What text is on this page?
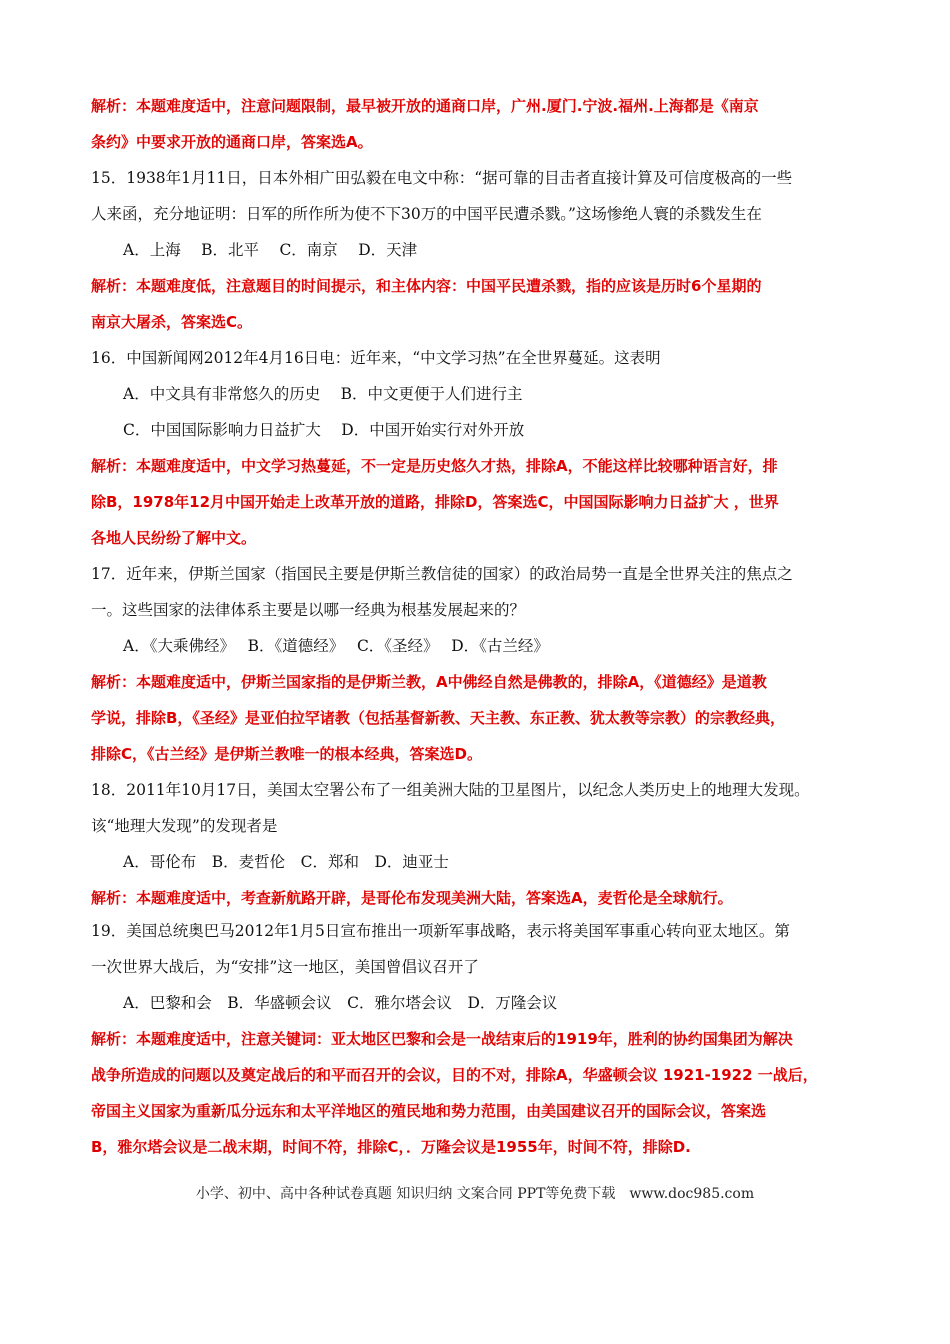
解析：本题难度适中，注意问题限制，最早被开放的通商口岸，广州.厦门.宁波.福州.上海都是《南京
条约》中要求开放的通商口岸，答案选A。
15．1938年1月11日，日本外相广田弘毅在电文中称：“据可靠的目击者直接计算及可信度极高的一些
人来函，充分地证明：日军的所作所为使不下30万的中国平民遭杀戮。”这场惨绝人寰的杀戮发生在
A．上海　 B．北平　 C．南京　 D．天津
解析：本题难度低，注意题目的时间提示，和主体内容：中国平民遭杀戮，指的应该是历时6个星期的
南京大屠杀，答案选C。
16．中国新闻网2012年4月16日电：近年来，“中文学习热”在全世界蔓延。这表明
A．中文具有非常悠久的历史　 B．中文更便于人们进行主
C．中国国际影响力日益扩大　 D．中国开始实行对外开放
解析：本题难度适中，中文学习热蔓延，不一定是历史悠久才热，排除A，不能这样比较哪种语言好，排
除B，1978年12月中国开始走上改革开放的道路，排除D，答案选C，中国国际影响力日益扩大 ，世界
各地人民纷纷了解中文。
17．近年来，伊斯兰国家（指国民主要是伊斯兰教信徒的国家）的政治局势一直是全世界关注的焦点之
一。这些国家的法律体系主要是以哪一经典为根基发展起来的？
A．《大乘佛经》　 B．《道德经》　 C．《圣经》　 D．《古兰经》
解析：本题难度适中，伊斯兰国家指的是伊斯兰教，A中佛经自然是佛教的，排除A，《道德经》是道教
学说，排除B，《圣经》是亚伯拉罕诸教（包括基督新教、天主教、东正教、犹太教等宗教）的宗教经典，
排除C，《古兰经》是伊斯兰教唯一的根本经典，答案选D。
18．2011年10月17日，美国太空署公布了一组美洲大陆的卫星图片，以纪念人类历史上的地理大发现。
该“地理大发现”的发现者是
A．哥伦布　B．麦哲伦　C．郑和　D．迪亚士
解析：本题难度适中，考查新航路开辟，是哥伦布发现美洲大陆，答案选A，麦哲伦是全球航行。
19．美国总统奥巴马2012年1月5日宣布推出一项新军事战略，表示将美国军事重心转向亚太地区。第
一次世界大战后，为“安排”这一地区，美国曾倡议召开了
A．巴黎和会　B．华盛顿会议　C．雅尔塔会议　D．万隆会议
解析：本题难度适中，注意关键词：亚太地区巴黎和会是一战结束后的1919年，胜利的协约国集团为解决
战争所造成的问题以及奠定战后的和平而召开的会议，目的不对，排除A，华盛顿会议 1921-1922 一战后，
帝国主义国家为重新瓜分远东和太平洋地区的殖民地和势力范围，由美国建议召开的国际会议，答案选
B，雅尔塔会议是二战末期，时间不符，排除C，．万隆会议是1955年，时间不符，排除D.
小学、初中、高中各种试卷真题 知识归纳 文案合同 PPT等免费下载　www.doc985.com
